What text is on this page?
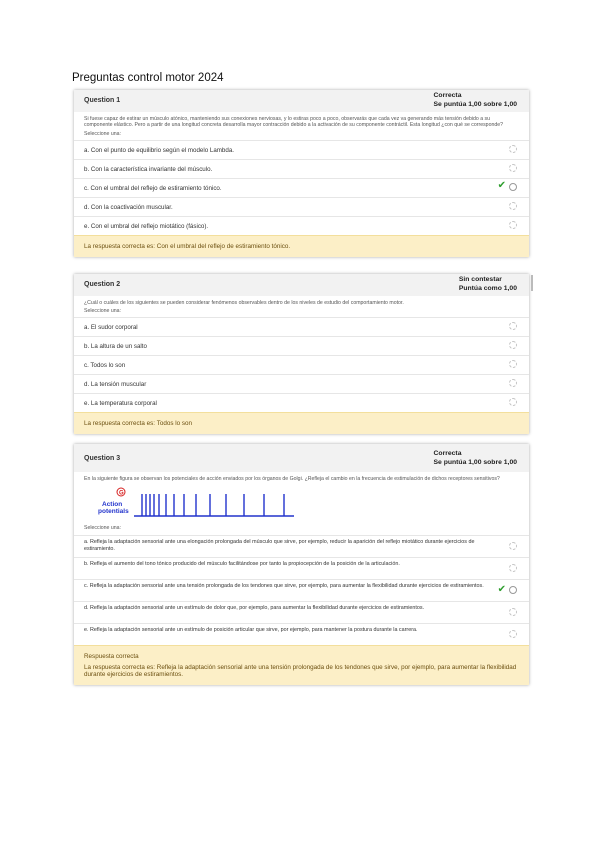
Preguntas control motor 2024
Question 1
Correcta
Se puntúa 1,00 sobre 1,00
Si fuese capaz de estirar un músculo atónico, manteniendo sus conexiones nerviosas, y lo estiras poco a poco, observarás que cada vez va generando más tensión debido a su componente elástico. Pero a partir de una longitud concreta desarrolla mayor contracción debido a la activación de su componente contráctil. Esta longitud ¿con qué se corresponde?
Seleccione una:
a. Con el punto de equilibrio según el modelo Lambda.
b. Con la característica invariante del músculo.
c. Con el umbral del reflejo de estiramiento tónico.	✔
d. Con la coactivación muscular.
e. Con el umbral del reflejo miotático (fásico).
La respuesta correcta es: Con el umbral del reflejo de estiramiento tónico.
Question 2
Sin contestar
Puntúa como 1,00
¿Cuál o cuáles de los siguientes se pueden considerar fenómenos observables dentro de los niveles de estudio del comportamiento motor.
Seleccione una:
a. El sudor corporal
b. La altura de un salto
c. Todos lo son
d. La tensión muscular
e. La temperatura corporal
La respuesta correcta es: Todos lo son
Question 3
Correcta
Se puntúa 1,00 sobre 1,00
En la siguiente figura se observan los potenciales de acción enviados por los órganos de Golgi. ¿Refleja el cambio en la frecuencia de estimulación de dichos receptores sensitivos?
Action
potentials
G
Seleccione una:
a. Refleja la adaptación sensorial ante una elongación prolongada del músculo que sirve, por ejemplo, reducir la aparición del reflejo miotático durante ejercicios de estiramiento.
b. Refleja el aumento del tono tónico producido del músculo facilitándose por tanto la propiocepción de la posición de la articulación.
c. Refleja la adaptación sensorial ante una tensión prolongada de los tendones que sirve, por ejemplo, para aumentar la flexibilidad durante ejercicios de estiramientos.	✔
d. Refleja la adaptación sensorial ante un estímulo de dolor que, por ejemplo, para aumentar la flexibilidad durante ejercicios de estiramientos.
e. Refleja la adaptación sensorial ante un estímulo de posición articular que sirve, por ejemplo, para mantener la postura durante la carrera.
Respuesta correcta
La respuesta correcta es: Refleja la adaptación sensorial ante una tensión prolongada de los tendones que sirve, por ejemplo, para aumentar la flexibilidad durante ejercicios de estiramientos.
